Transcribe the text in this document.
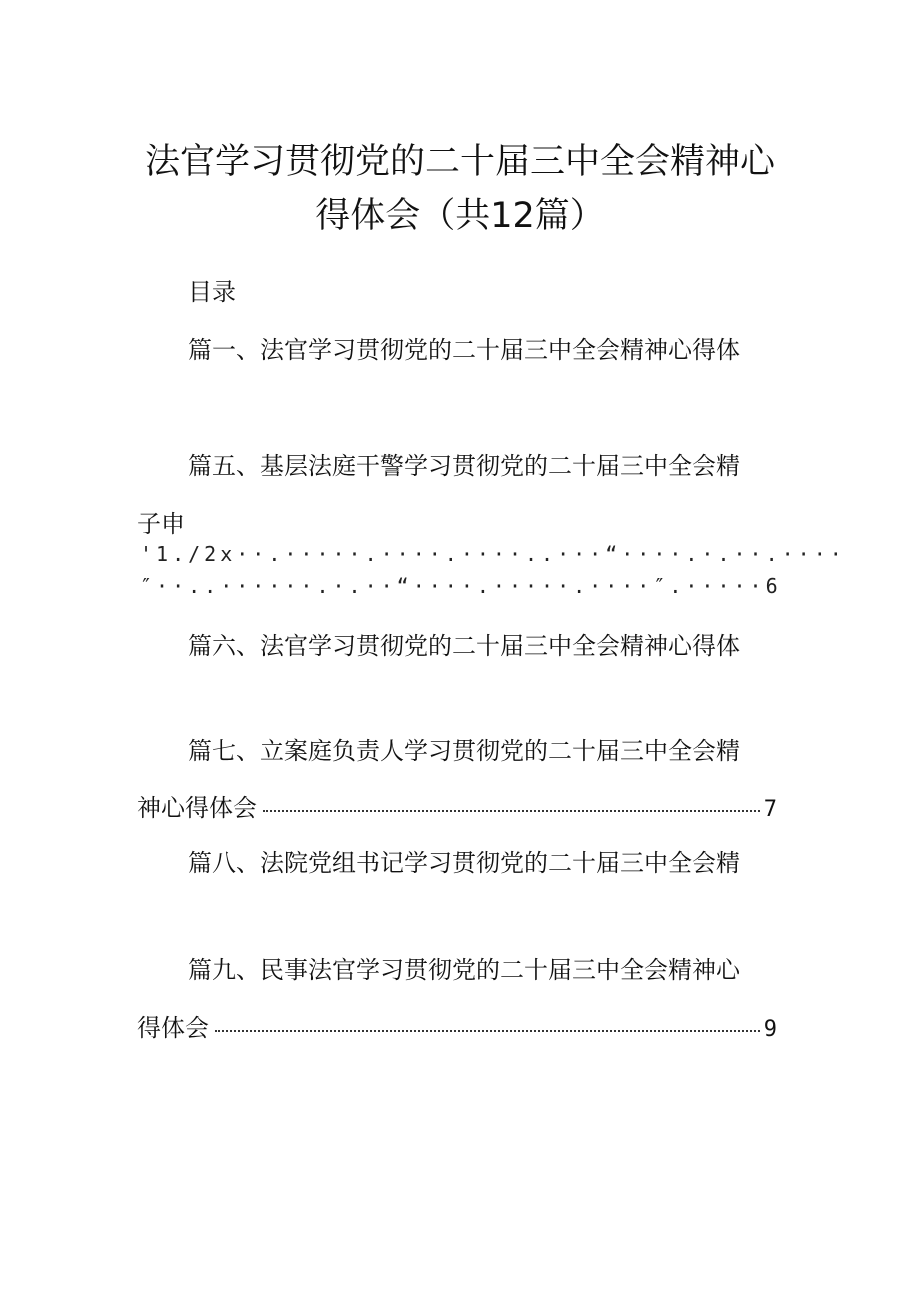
法官学习贯彻党的二十届三中全会精神心
得体会（共12篇）
目录
篇一、法官学习贯彻党的二十届三中全会精神心得体
篇五、基层法庭干警学习贯彻党的二十届三中全会精
子申
'1./2x··.·····.····.····..···“····.·.··.····
″··..······.·.··“····.·····.····″.·····6
篇六、法官学习贯彻党的二十届三中全会精神心得体
篇七、立案庭负责人学习贯彻党的二十届三中全会精
神心得体会	7
篇八、法院党组书记学习贯彻党的二十届三中全会精
篇九、民事法官学习贯彻党的二十届三中全会精神心
得体会	9
